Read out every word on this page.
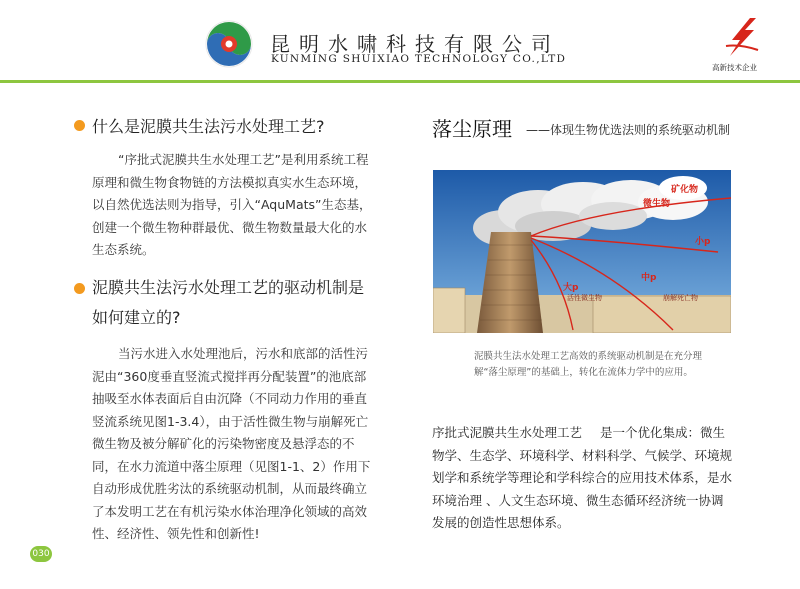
昆明水啸科技有限公司
KUNMING SHUIXIAO TECHNOLOGY CO.,LTD
高新技术企业
什么是泥膜共生法污水处理工艺?
“序批式泥膜共生水处理工艺”是利用系统工程原理和微生物食物链的方法模拟真实水生态环境，以自然优选法则为指导，引入“AquMats”生态基，创建一个微生物种群最优、微生物数量最大化的水生态系统。
泥膜共生法污水处理工艺的驱动机制是
如何建立的?
当污水进入水处理池后，污水和底部的活性污泥由“360度垂直竖流式搅拌再分配装置”的池底部抽吸至水体表面后自由沉降（不同动力作用的垂直竖流系统见图1-3.4），由于活性微生物与崩解死亡微生物及被分解矿化的污染物密度及悬浮态的不同，在水力流道中落尘原理（见图1-1、2）作用下自动形成优胜劣汰的系统驱动机制，从而最终确立了本发明工艺在有机污染水体治理净化领域的高效性、经济性、领先性和创新性!
030
落尘原理 ——体现生物优选法则的系统驱动机制
矿化物
微生物
小p
中p
大p
活性微生物	崩解死亡物
泥膜共生法水处理工艺高效的系统驱动机制是在充分理解“落尘原理”的基础上，转化在流体力学中的应用。
序批式泥膜共生水处理工艺 是一个优化集成：微生物学、生态学、环境科学、材料科学、气候学、环境规划学和系统学等理论和学科综合的应用技术体系，是水环境治理 、人文生态环境、微生态循环经济统一协调发展的创造性思想体系。
